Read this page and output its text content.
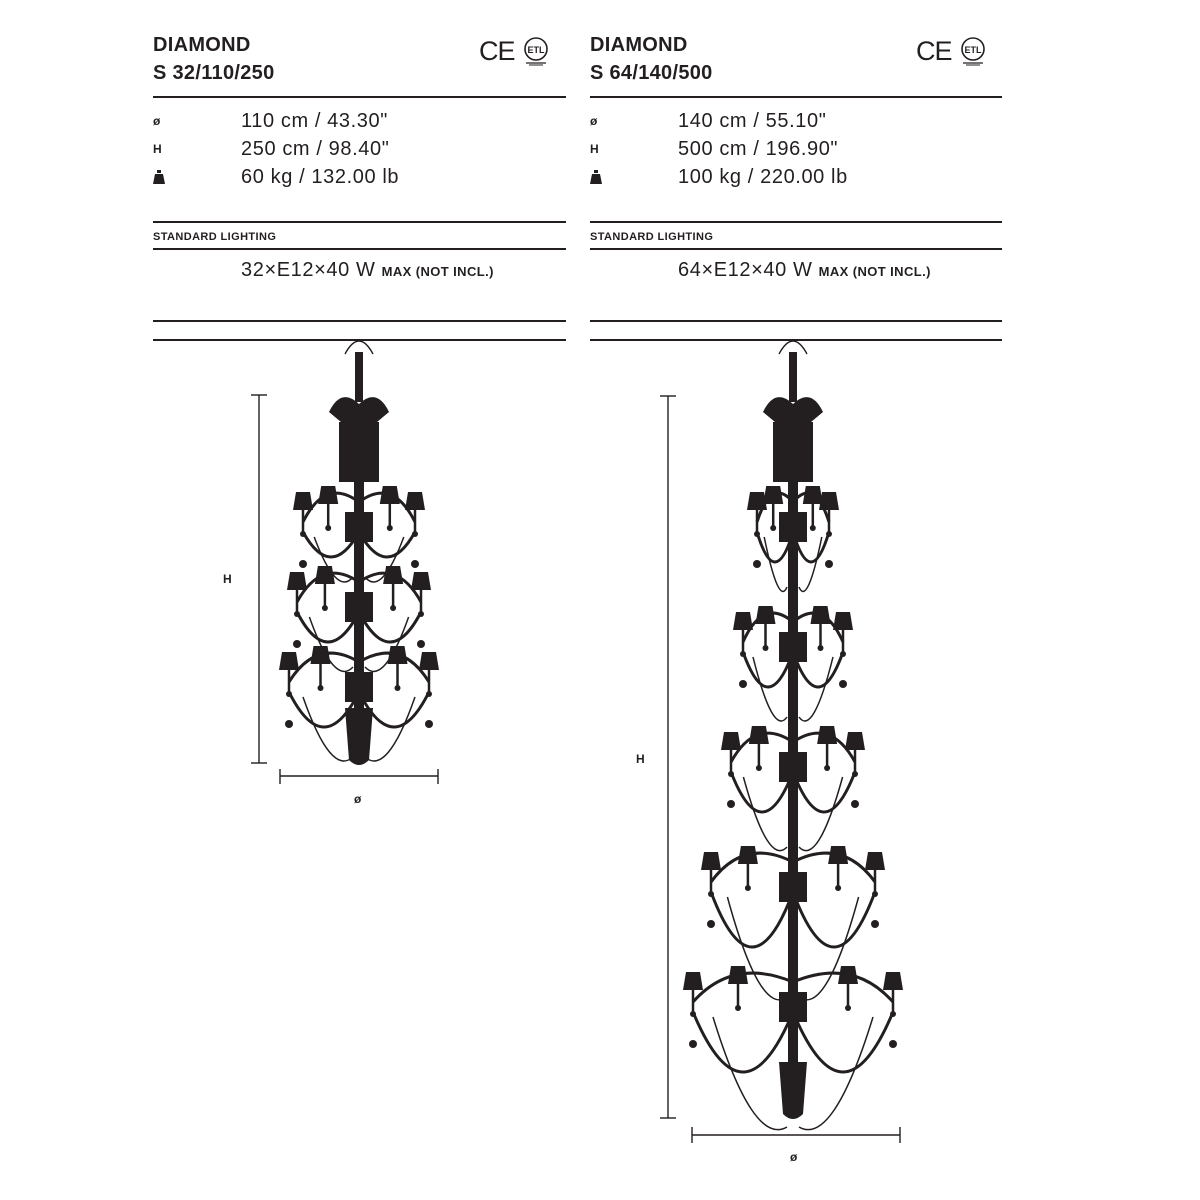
DIAMOND
S 32/110/250
CE ETL
ø	110 cm / 43.30"
H	250 cm / 98.40"
60 kg / 132.00 lb
STANDARD LIGHTING
32×E12×40 W MAX (NOT INCL.)
H
ø
DIAMOND
S 64/140/500
CE ETL
ø	140 cm / 55.10"
H	500 cm / 196.90"
100 kg / 220.00 lb
STANDARD LIGHTING
64×E12×40 W MAX (NOT INCL.)
H
ø
